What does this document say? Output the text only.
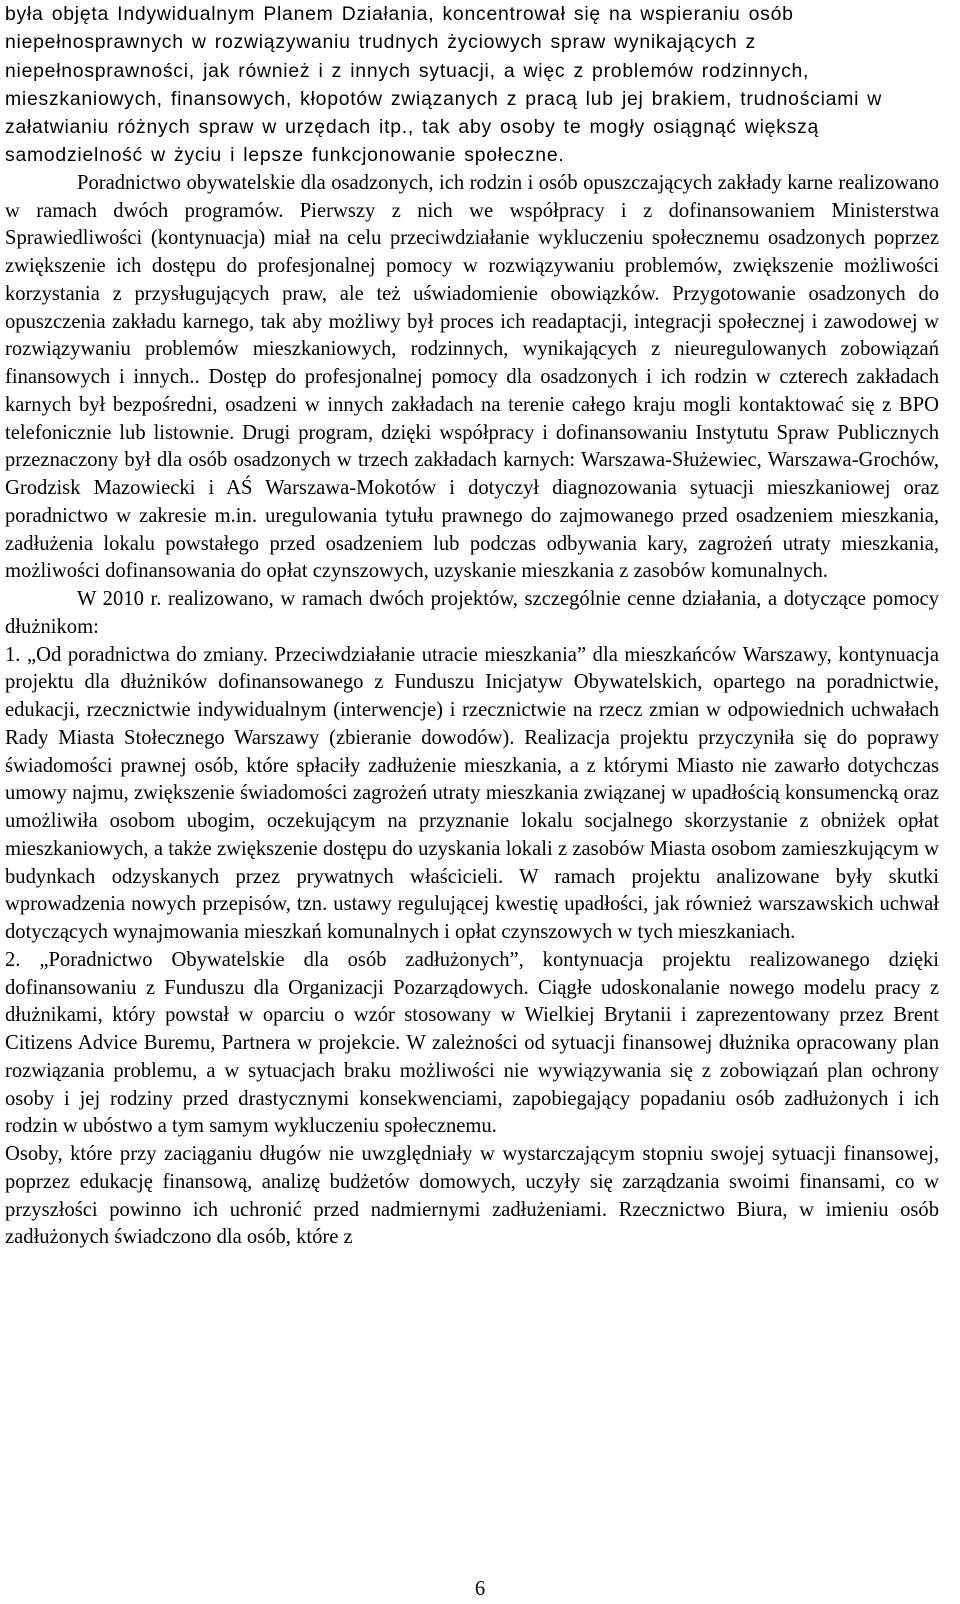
była objęta Indywidualnym Planem Działania, koncentrował się na wspieraniu osób niepełnosprawnych w rozwiązywaniu trudnych życiowych spraw wynikających z niepełnosprawności, jak również i z innych sytuacji, a więc z problemów rodzinnych, mieszkaniowych, finansowych, kłopotów związanych z pracą lub jej brakiem, trudnościami w załatwianiu różnych spraw w urzędach itp., tak aby osoby te mogły osiągnąć większą samodzielność w życiu i lepsze funkcjonowanie społeczne.

Poradnictwo obywatelskie dla osadzonych, ich rodzin i osób opuszczających zakłady karne realizowano w ramach dwóch programów. Pierwszy z nich we współpracy i z dofinansowaniem Ministerstwa Sprawiedliwości (kontynuacja) miał na celu przeciwdziałanie wykluczeniu społecznemu osadzonych poprzez zwiększenie ich dostępu do profesjonalnej pomocy w rozwiązywaniu problemów, zwiększenie możliwości korzystania z przysługujących praw, ale też uświadomienie obowiązków. Przygotowanie osadzonych do opuszczenia zakładu karnego, tak aby możliwy był proces ich readaptacji, integracji społecznej i zawodowej w rozwiązywaniu problemów mieszkaniowych, rodzinnych, wynikających z nieuregulowanych zobowiązań finansowych i innych.. Dostęp do profesjonalnej pomocy dla osadzonych i ich rodzin w czterech zakładach karnych był bezpośredni, osadzeni w innych zakładach na terenie całego kraju mogli kontaktować się z BPO telefonicznie lub listownie. Drugi program, dzięki współpracy i dofinansowaniu Instytutu Spraw Publicznych przeznaczony był dla osób osadzonych w trzech zakładach karnych: Warszawa-Służewiec, Warszawa-Grochów, Grodzisk Mazowiecki i AŚ Warszawa-Mokotów i dotyczył diagnozowania sytuacji mieszkaniowej oraz poradnictwo w zakresie m.in. uregulowania tytułu prawnego do zajmowanego przed osadzeniem mieszkania, zadłużenia lokalu powstałego przed osadzeniem lub podczas odbywania kary, zagrożeń utraty mieszkania, możliwości dofinansowania do opłat czynszowych, uzyskanie mieszkania z zasobów komunalnych.

W 2010 r. realizowano, w ramach dwóch projektów, szczególnie cenne działania, a dotyczące pomocy dłużnikom:

1. „Od poradnictwa do zmiany. Przeciwdziałanie utracie mieszkania” dla mieszkańców Warszawy, kontynuacja projektu dla dłużników dofinansowanego z Funduszu Inicjatyw Obywatelskich, opartego na poradnictwie, edukacji, rzecznictwie indywidualnym (interwencje) i rzecznictwie na rzecz zmian w odpowiednich uchwałach Rady Miasta Stołecznego Warszawy (zbieranie dowodów). Realizacja projektu przyczyniła się do poprawy świadomości prawnej osób, które spłaciły zadłużenie mieszkania, a z którymi Miasto nie zawarło dotychczas umowy najmu, zwiększenie świadomości zagrożeń utraty mieszkania związanej w upadłością konsumencką oraz umożliwiła osobom ubogim, oczekującym na przyznanie lokalu socjalnego skorzystanie z obniżek opłat mieszkaniowych, a także zwiększenie dostępu do uzyskania lokali z zasobów Miasta osobom zamieszkującym w budynkach odzyskanych przez prywatnych właścicieli. W ramach projektu analizowane były skutki wprowadzenia nowych przepisów, tzn. ustawy regulującej kwestię upadłości, jak również warszawskich uchwał dotyczących wynajmowania mieszkań komunalnych i opłat czynszowych w tych mieszkaniach.

2. „Poradnictwo Obywatelskie dla osób zadłużonych”, kontynuacja projektu realizowanego dzięki dofinansowaniu z Funduszu dla Organizacji Pozarządowych. Ciągłe udoskonalanie nowego modelu pracy z dłużnikami, który powstał w oparciu o wzór stosowany w Wielkiej Brytanii i zaprezentowany przez Brent Citizens Advice Buremu, Partnera w projekcie. W zależności od sytuacji finansowej dłużnika opracowany plan rozwiązania problemu, a w sytuacjach braku możliwości nie wywiązywania się z zobowiązań plan ochrony osoby i jej rodziny przed drastycznymi konsekwenciami, zapobiegający popadaniu osób zadłużonych i ich rodzin w ubóstwo a tym samym wykluczeniu społecznemu.

Osoby, które przy zaciąganiu długów nie uwzględniały w wystarczającym stopniu swojej sytuacji finansowej, poprzez edukację finansową, analizę budżetów domowych, uczyły się zarządzania swoimi finansami, co w przyszłości powinno ich uchronić przed nadmiernymi zadłużeniami. Rzecznictwo Biura, w imieniu osób zadłużonych świadczono dla osób, które z

6
